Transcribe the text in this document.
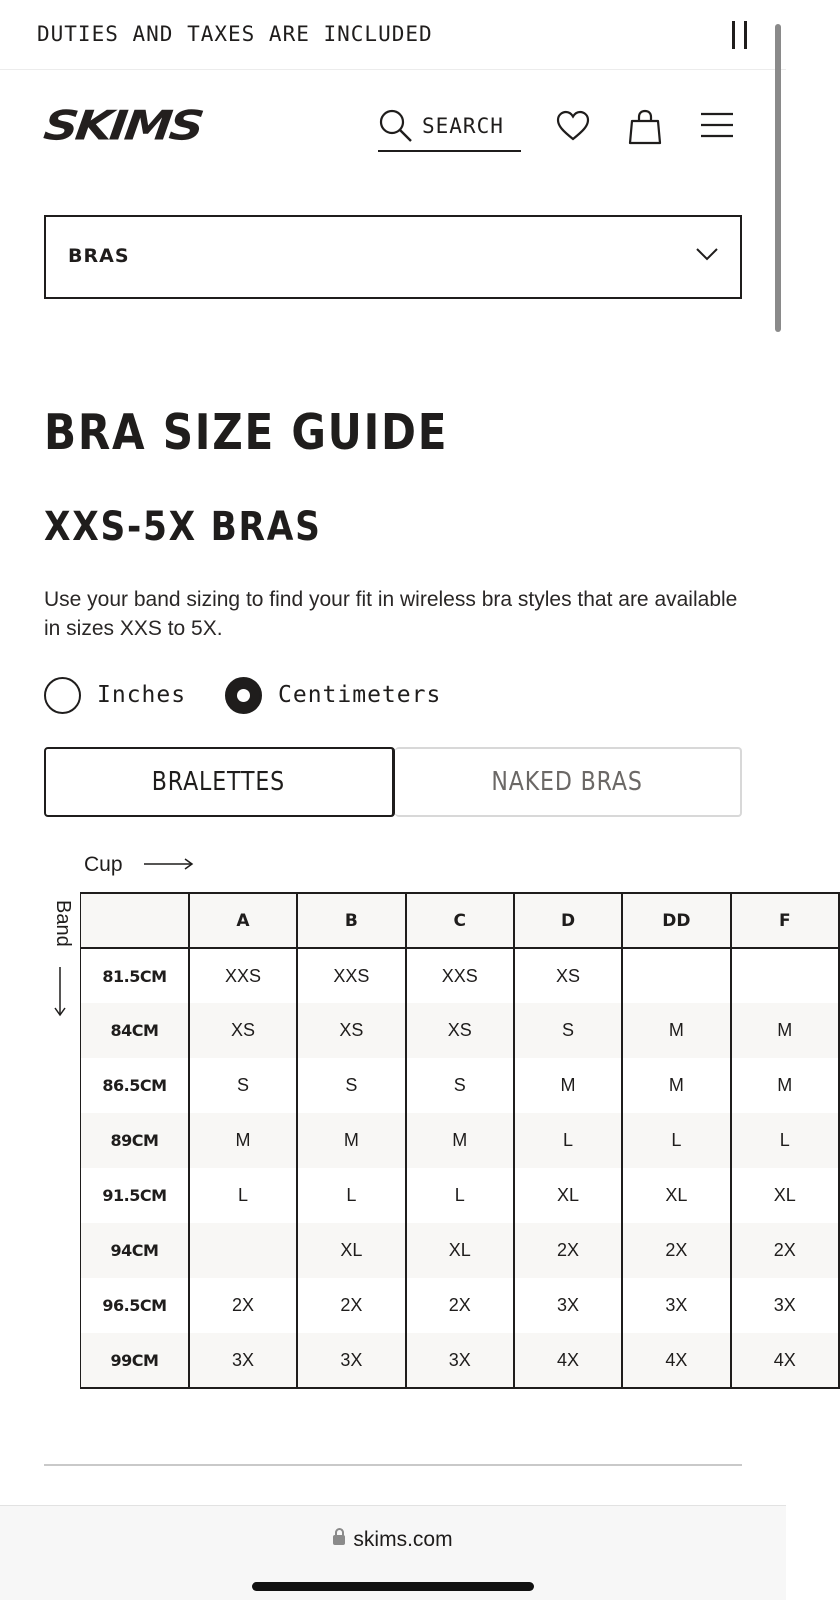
DUTIES AND TAXES ARE INCLUDED
SKIMS	SEARCH
BRAS
BRA SIZE GUIDE
XXS-5X BRAS
Use your band sizing to find your fit in wireless bra styles that are available in sizes XXS to 5X.
Inches	Centimeters
BRALETTES	NAKED BRAS
Cup
Band
		A	B	C	D	DD	F
81.5CM	XXS	XXS	XXS	XS		
84CM	XS	XS	XS	S	M	M
86.5CM	S	S	S	M	M	M
89CM	M	M	M	L	L	L
91.5CM	L	L	L	XL	XL	XL
94CM		XL	XL	2X	2X	2X
96.5CM	2X	2X	2X	3X	3X	3X
99CM	3X	3X	3X	4X	4X	4X
skims.com
